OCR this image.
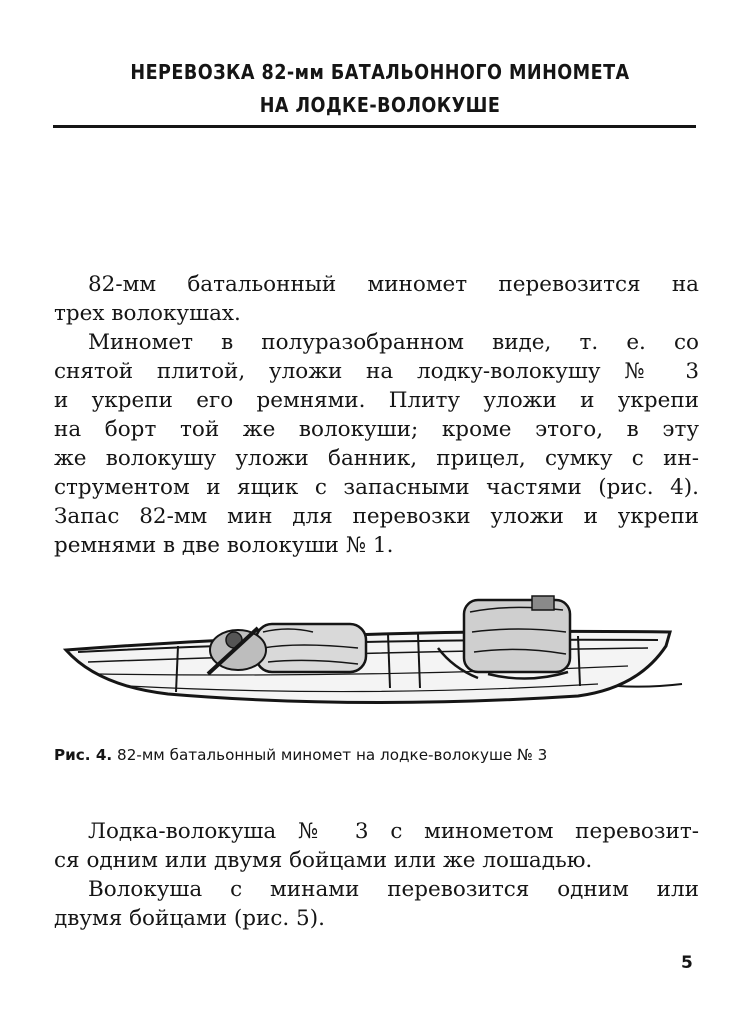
НЕРЕВОЗКА 82-мм БАТАЛЬОННОГО МИНОМЕТА
НА ЛОДКЕ-ВОЛОКУШЕ
82-мм батальонный миномет перевозится на
трех волокушах.
Миномет в полуразобранном виде, т. е. со
снятой плитой, уложи на лодку-волокушу № 3
и укрепи его ремнями. Плиту уложи и укрепи
на борт той же волокуши; кроме этого, в эту
же волокушу уложи банник, прицел, сумку с ин-
струментом и ящик с запасными частями (рис. 4).
Запас 82-мм мин для перевозки уложи и укрепи
ремнями в две волокуши № 1.
Рис. 4. 82-мм батальонный миномет на лодке-волокуше № 3
Лодка-волокуша № 3 с минометом перевозит-
ся одним или двумя бойцами или же лошадью.
Волокуша с минами перевозится одним или
двумя бойцами (рис. 5).
5
